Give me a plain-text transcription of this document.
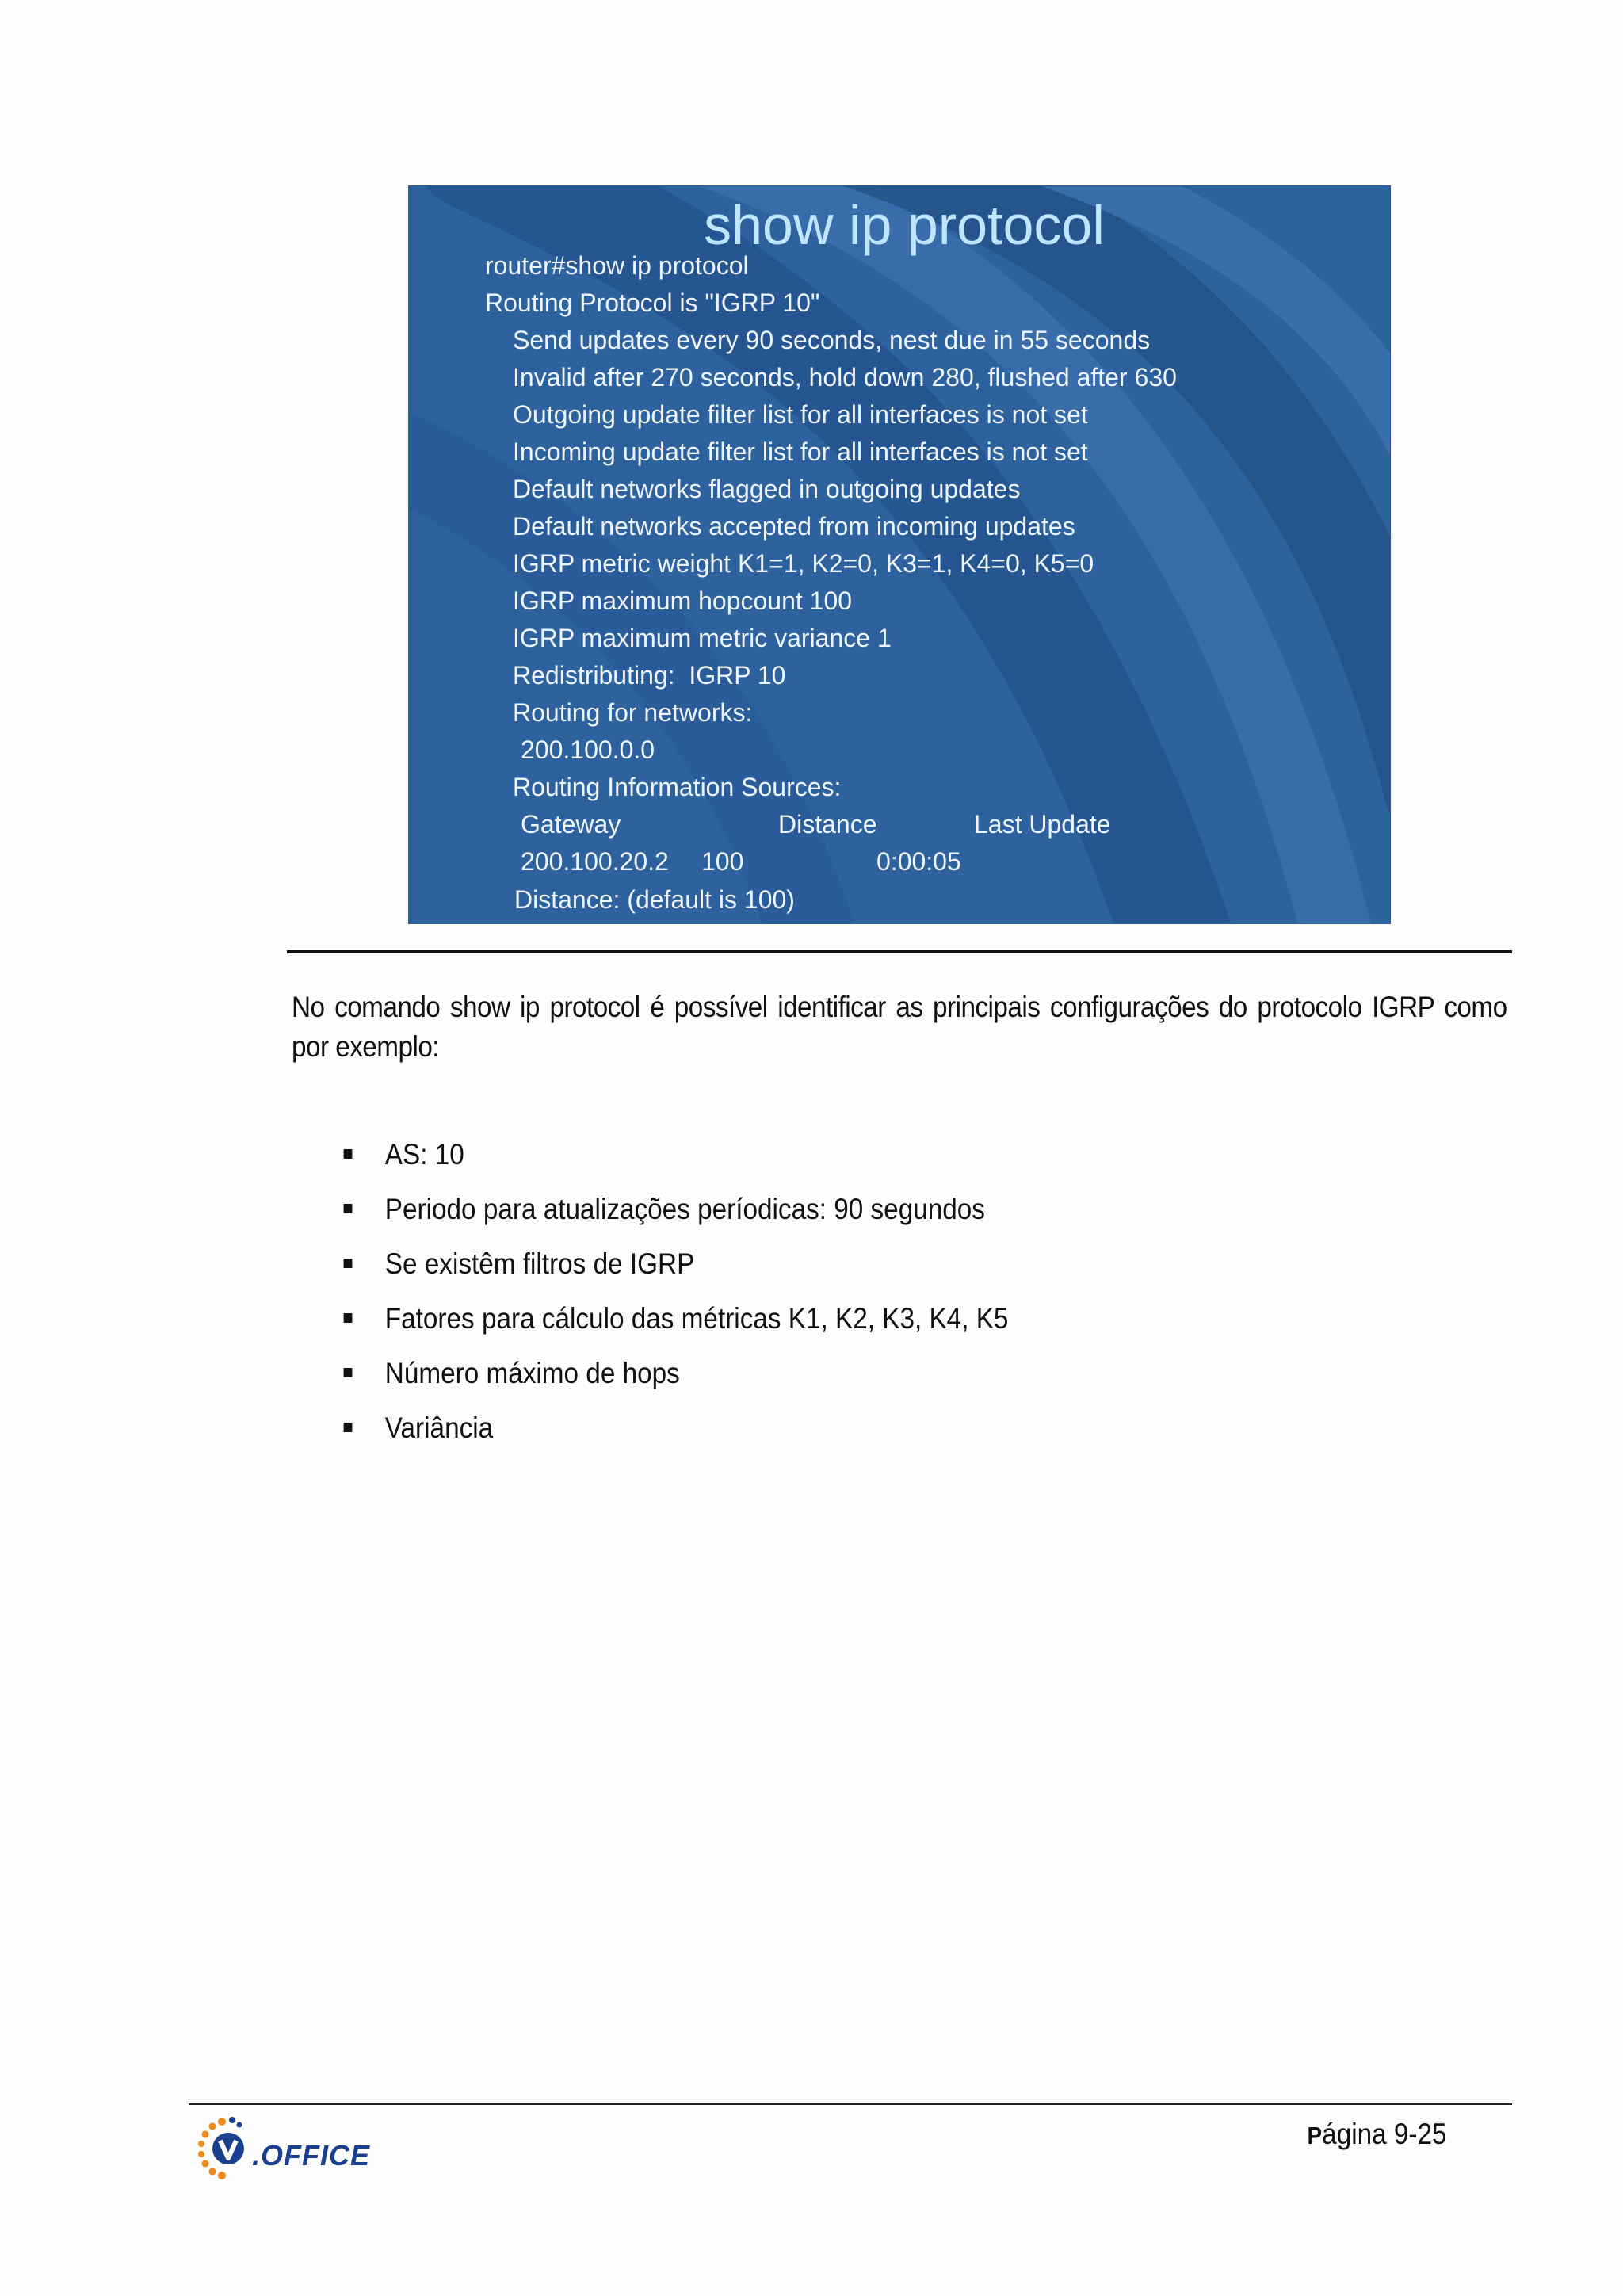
show ip protocol
router#show ip protocol
Routing Protocol is "IGRP 10"
Send updates every 90 seconds, nest due in 55 seconds
Invalid after 270 seconds, hold down 280, flushed after 630
Outgoing update filter list for all interfaces is not set
Incoming update filter list for all interfaces is not set
Default networks flagged in outgoing updates
Default networks accepted from incoming updates
IGRP metric weight K1=1, K2=0, K3=1, K4=0, K5=0
IGRP maximum hopcount 100
IGRP maximum metric variance 1
Redistributing:  IGRP 10
Routing for networks:
200.100.0.0
Routing Information Sources:
Gateway	Distance	Last Update
200.100.20.2 100	0:00:05
Distance: (default is 100)
No comando show ip protocol é possível identificar as principais configurações do protocolo IGRP como por exemplo:
AS: 10
Periodo para atualizações períodicas: 90 segundos
Se existêm filtros de IGRP
Fatores para cálculo das métricas K1, K2, K3, K4, K5
Número máximo de hops
Variância
.OFFICE
Página 9-25
